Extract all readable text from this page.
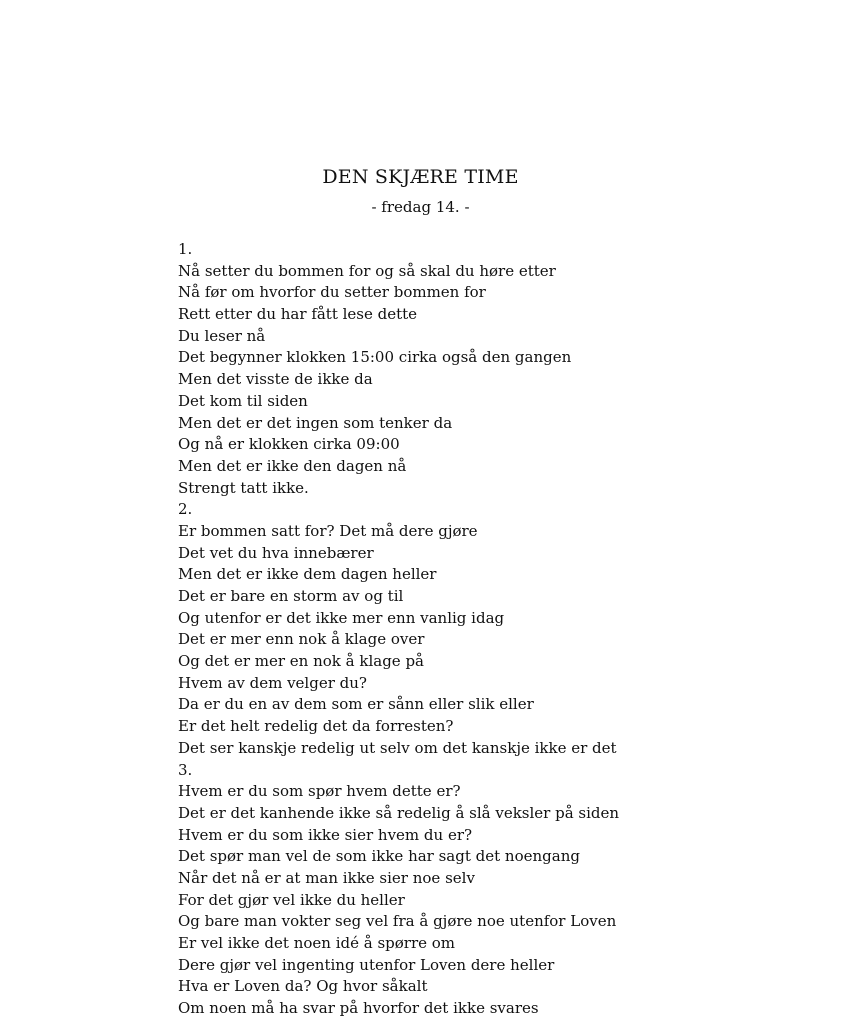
DEN SKJÆRE TIME
- fredag 14. -
1.
Nå setter du bommen for og så skal du høre etter
Nå før om hvorfor du setter bommen for
Rett etter du har fått lese dette
Du leser nå
Det begynner klokken 15:00 cirka også den gangen
Men det visste de ikke da
Det kom til siden
Men det er det ingen som tenker da
Og nå er klokken cirka 09:00
Men det er ikke den dagen nå
Strengt tatt ikke.
2.
Er bommen satt for? Det må dere gjøre
Det vet du hva innebærer
Men det er ikke dem dagen heller
Det er bare en storm av og til
Og utenfor er det ikke mer enn vanlig idag
Det er mer enn nok å klage over
Og det er mer en nok å klage på
Hvem av dem velger du?
Da er du en av dem som er sånn eller slik eller
Er det helt redelig det da forresten?
Det ser kanskje redelig ut selv om det kanskje ikke er det
3.
Hvem er du som spør hvem dette er?
Det er det kanhende ikke så redelig å slå veksler på siden
Hvem er du som ikke sier hvem du er?
Det spør man vel de som ikke har sagt det noengang
Når det nå er at man ikke sier noe selv
For det gjør vel ikke du heller
Og bare man vokter seg vel fra å gjøre noe utenfor Loven
Er vel ikke det noen idé å spørre om
Dere gjør vel ingenting utenfor Loven dere heller
Hva er Loven da? Og hvor såkalt
Om noen må ha svar på hvorfor det ikke svares
